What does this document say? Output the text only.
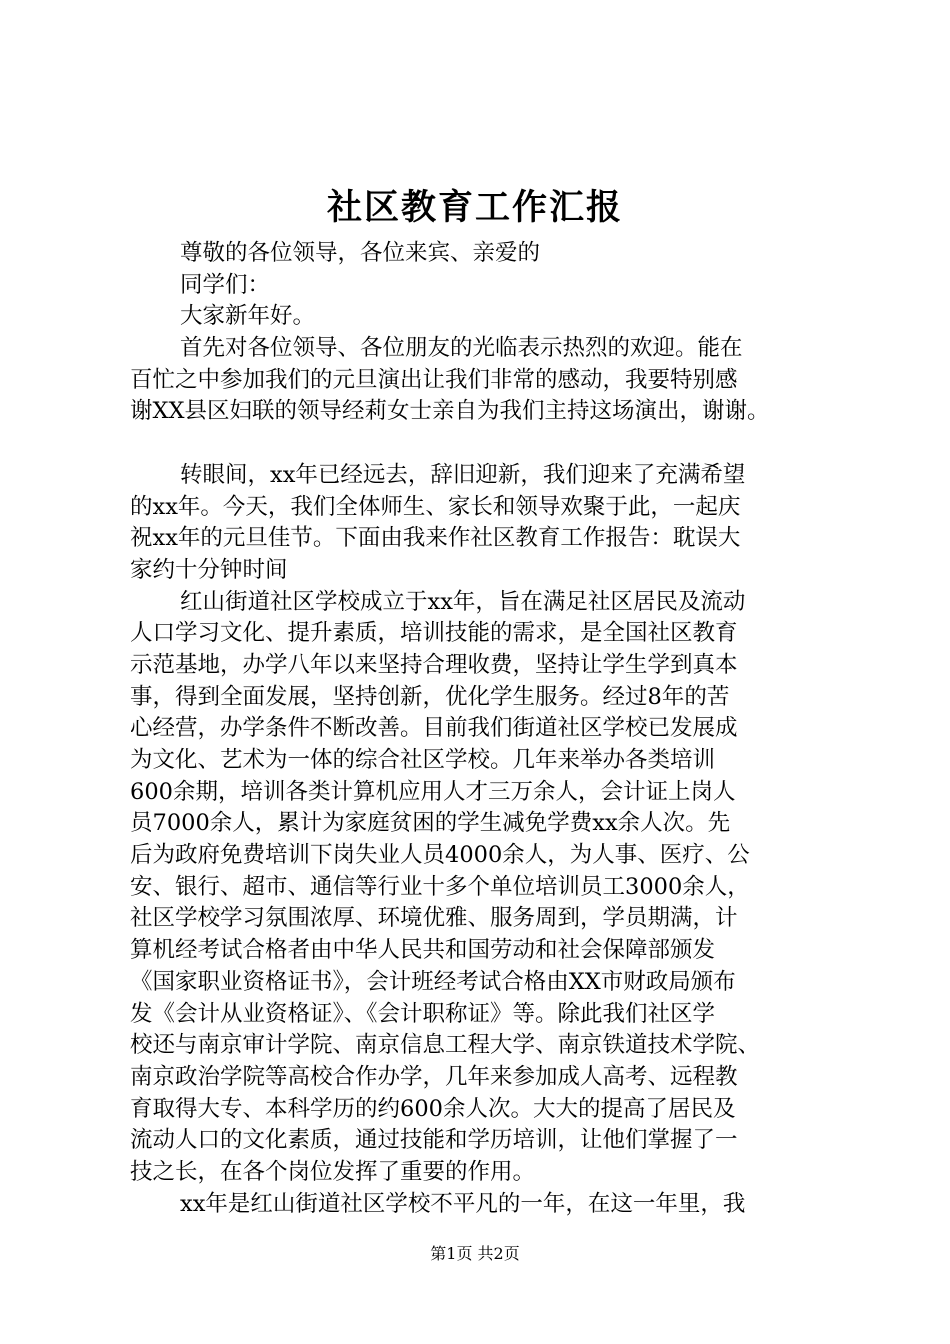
社区教育工作汇报
尊敬的各位领导，各位来宾、亲爱的
同学们：
大家新年好。
首先对各位领导、各位朋友的光临表示热烈的欢迎。能在
百忙之中参加我们的元旦演出让我们非常的感动，我要特别感
谢XX县区妇联的领导经莉女士亲自为我们主持这场演出，谢谢。
转眼间，xx年已经远去，辞旧迎新，我们迎来了充满希望
的xx年。今天，我们全体师生、家长和领导欢聚于此，一起庆
祝xx年的元旦佳节。下面由我来作社区教育工作报告：耽误大
家约十分钟时间
红山街道社区学校成立于xx年，旨在满足社区居民及流动
人口学习文化、提升素质，培训技能的需求，是全国社区教育
示范基地，办学八年以来坚持合理收费，坚持让学生学到真本
事，得到全面发展，坚持创新，优化学生服务。经过8年的苦
心经营，办学条件不断改善。目前我们街道社区学校已发展成
为文化、艺术为一体的综合社区学校。几年来举办各类培训
600余期，培训各类计算机应用人才三万余人，会计证上岗人
员7000余人，累计为家庭贫困的学生减免学费xx余人次。先
后为政府免费培训下岗失业人员4000余人，为人事、医疗、公
安、银行、超市、通信等行业十多个单位培训员工3000余人，
社区学校学习氛围浓厚、环境优雅、服务周到，学员期满，计
算机经考试合格者由中华人民共和国劳动和社会保障部颁发
《国家职业资格证书》，会计班经考试合格由XX市财政局颁布
发《会计从业资格证》、《会计职称证》等。除此我们社区学
校还与南京审计学院、南京信息工程大学、南京铁道技术学院、
南京政治学院等高校合作办学，几年来参加成人高考、远程教
育取得大专、本科学历的约600余人次。大大的提高了居民及
流动人口的文化素质，通过技能和学历培训，让他们掌握了一
技之长，在各个岗位发挥了重要的作用。
xx年是红山街道社区学校不平凡的一年，在这一年里，我
第1页 共2页
